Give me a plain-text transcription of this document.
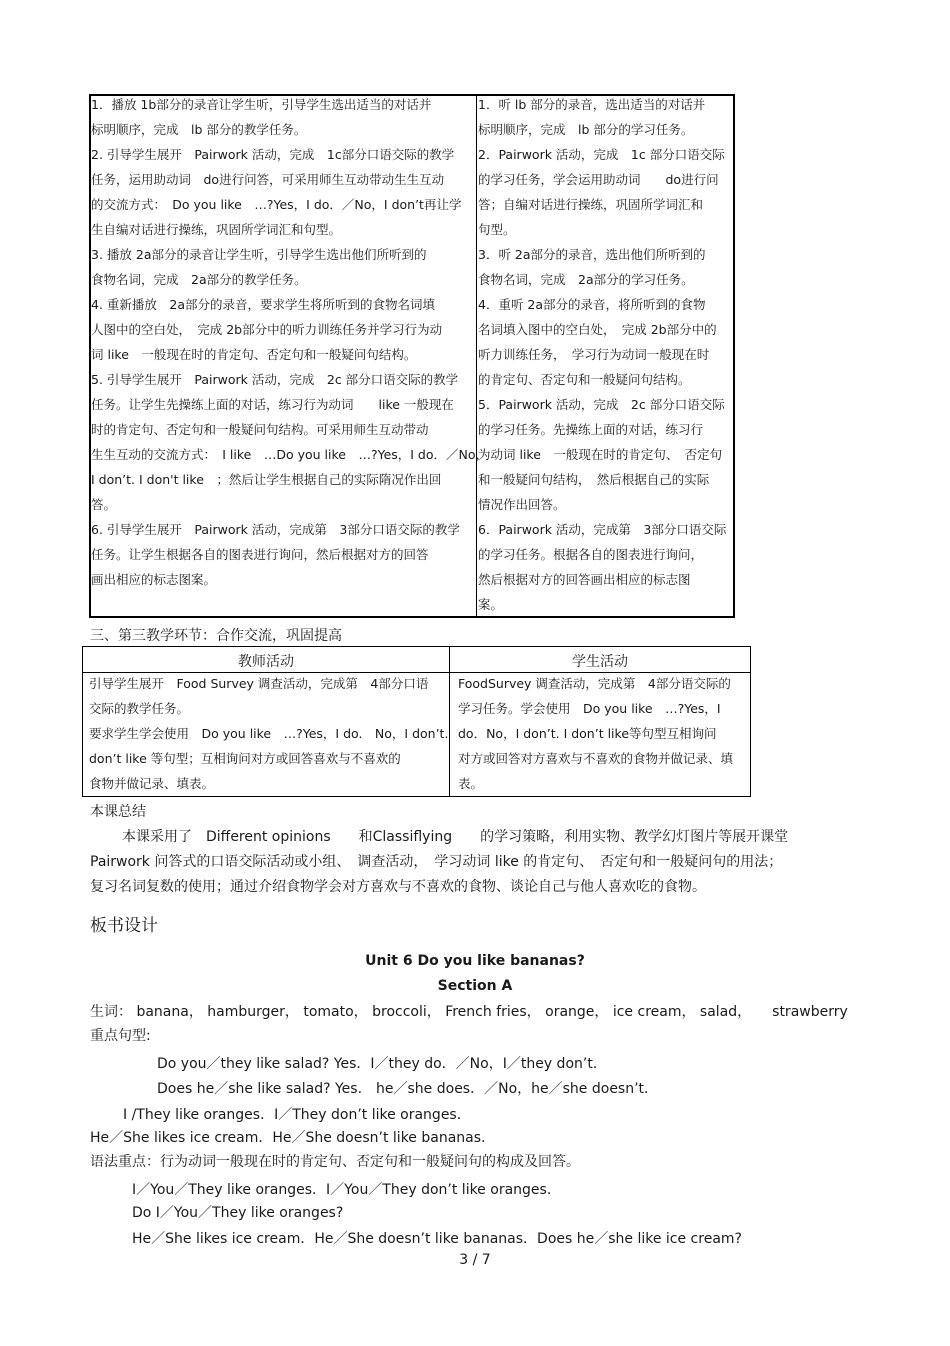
1．播放 1b部分的录音让学生听，引导学生选出适当的对话并
标明顺序，完成　lb 部分的教学任务。
2. 引导学生展开　Pairwork 活动，完成　1c部分口语交际的教学
任务，运用助动词　do进行问答，可采用师生互动带动生生互动
的交流方式：　Do you like　…?Yes，I do．／No，I don’t再让学
生自编对话进行操练，巩固所学词汇和句型。
3. 播放 2a部分的录音让学生听，引导学生选出他们所听到的
食物名词，完成　2a部分的教学任务。
4. 重新播放　2a部分的录音，要求学生将所听到的食物名词填
人图中的空白处，　完成 2b部分中的听力训练任务并学习行为动
词 like　一般现在时的肯定句、否定句和一般疑问句结构。
5. 引导学生展开　Pairwork 活动，完成　2c 部分口语交际的教学
任务。让学生先操练上面的对话，练习行为动词　　like 一般现在
时的肯定句、否定句和一般疑问句结构。可采用师生互动带动
生生互动的交流方式：　I like　…Do you like　…?Yes，I do．／No，
I don’t. I don't like　；然后让学生根据自己的实际隋况作出回
答。
6. 引导学生展开　Pairwork 活动，完成第　3部分口语交际的教学
任务。让学生根据各自的图表进行询问，然后根据对方的回答
画出相应的标志图案。
1．听 lb 部分的录音，选出适当的对话并
标明顺序，完成　lb 部分的学习任务。
2．Pairwork 活动，完成　1c 部分口语交际
的学习任务，学会运用助动词　　do进行问
答；自编对话进行操练，巩固所学词汇和
句型。
3．听 2a部分的录音，选出他们所听到的
食物名词，完成　2a部分的学习任务。
4．重听 2a部分的录音，将所听到的食物
名词填入图中的空白处，　完成 2b部分中的
听力训练任务，　学习行为动词一般现在时
的肯定句、否定句和一般疑问句结构。
5．Pairwork 活动，完成　2c 部分口语交际
的学习任务。先操练上面的对话，练习行
为动词 like　一般现在时的肯定句、　否定句
和一般疑问句结构，　然后根据自己的实际
情况作出回答。
6．Pairwork 活动，完成第　3部分口语交际
的学习任务。根据各自的图表进行询问，
然后根据对方的回答画出相应的标志图
案。
三、第三教学环节：合作交流，巩固提高
教师活动	学生活动
引导学生展开　Food Survey 调查活动，完成第　4部分口语
交际的教学任务。
要求学生学会使用　Do you like　…?Yes，I do.　No，I don’t.
don’t like 等句型；互相询问对方或回答喜欢与不喜欢的
食物并做记录、填表。
FoodSurvey 调查活动，完成第　4部分语交际的
学习任务。学会使用　Do you like　…?Yes，I
do．No，I don’t. I don’t like等句型互相询问
对方或回答对方喜欢与不喜欢的食物并做记录、填
表。
本课总结
本课采用了　Different opinions　　和Classiflying　　的学习策略，利用实物、教学幻灯图片等展开课堂
Pairwork 问答式的口语交际活动或小组、　调查活动，　学习动词 like 的肯定句、　否定句和一般疑问句的用法；
复习名词复数的使用；通过介绍食物学会对方喜欢与不喜欢的食物、谈论自己与他人喜欢吃的食物。
板书设计
Unit 6 Do you like bananas?
Section A
生词： banana， hamburger， tomato， broccoli， French fries， orange， ice cream， salad，　　strawberry
重点句型:
Do you／they like salad? Yes．I／they do．／No，I／they don’t．
Does he／she like salad? Yes.　he／she does．／No，he／she doesn’t．
I /They like oranges．I／They don’t like oranges．
He／She likes ice cream．He／She doesn’t like bananas．
语法重点：行为动词一般现在时的肯定句、否定句和一般疑问句的构成及回答。
I／You／They like oranges．I／You／They don’t like oranges.
Do I／You／They like oranges?
He／She likes ice cream．He／She doesn’t like bananas．Does he／she like ice cream?
3 / 7
